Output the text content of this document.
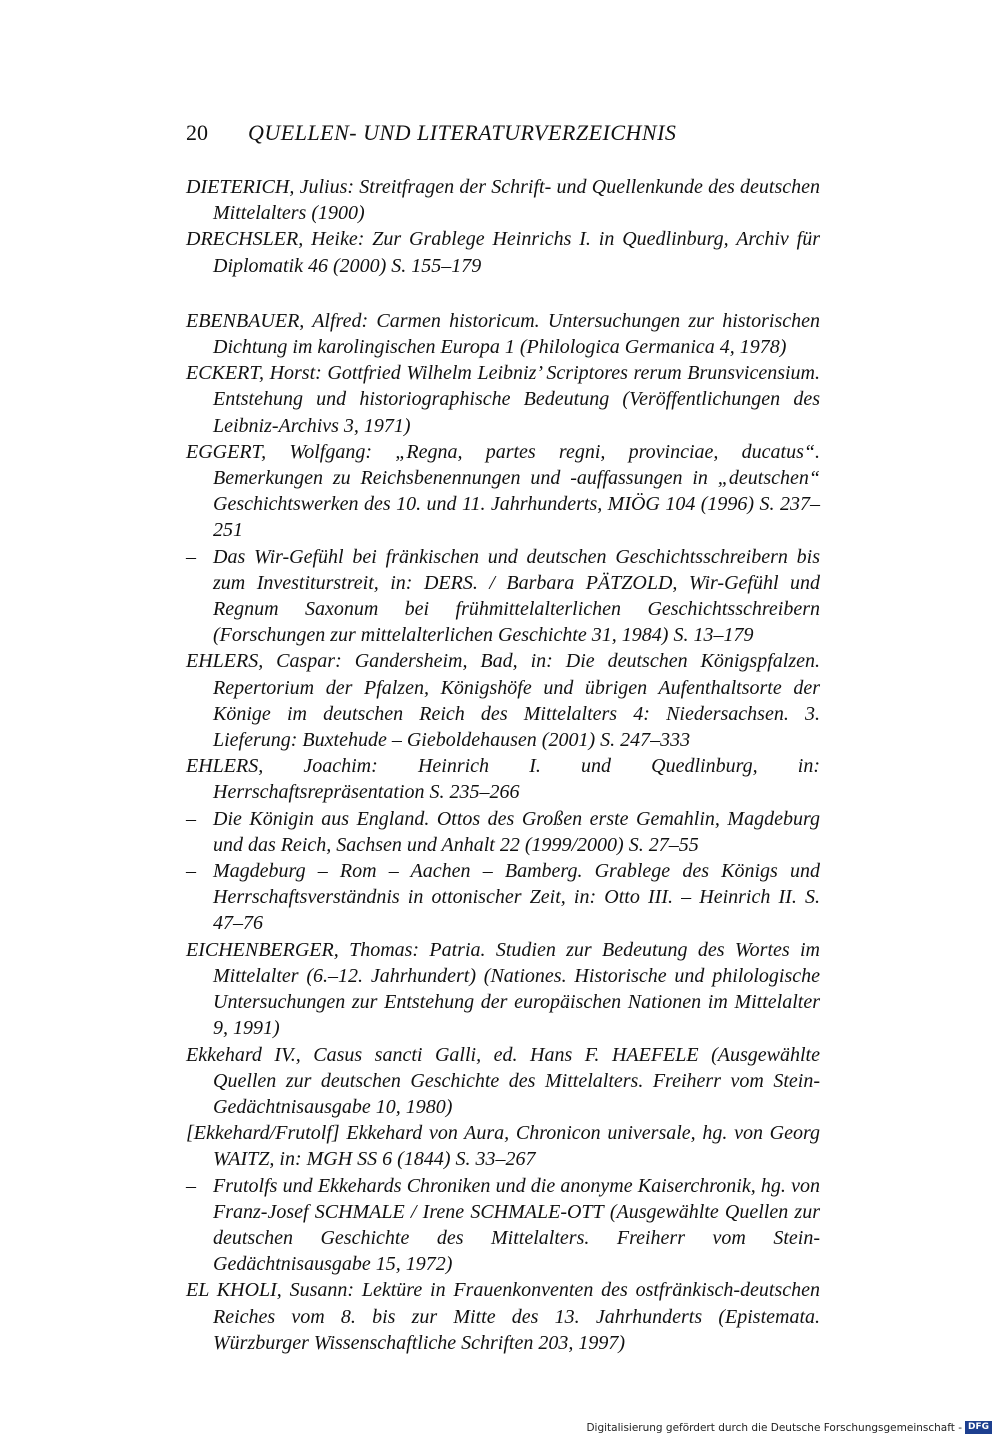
20 QUELLEN- UND LITERATURVERZEICHNIS

DIETERICH, Julius: Streitfragen der Schrift- und Quellenkunde des deutschen Mittelalters (1900)

DRECHSLER, Heike: Zur Grablege Heinrichs I. in Quedlinburg, Archiv für Diplomatik 46 (2000) S. 155–179

EBENBAUER, Alfred: Carmen historicum. Untersuchungen zur historischen Dichtung im karolingischen Europa 1 (Philologica Germanica 4, 1978)

ECKERT, Horst: Gottfried Wilhelm Leibniz’ Scriptores rerum Brunsvicensium. Entstehung und historiographische Bedeutung (Veröffentlichungen des Leibniz-Archivs 3, 1971)

EGGERT, Wolfgang: „Regna, partes regni, provinciae, ducatus“. Bemerkungen zu Reichsbenennungen und -auffassungen in „deutschen“ Geschichtswerken des 10. und 11. Jahrhunderts, MIÖG 104 (1996) S. 237–251

– Das Wir-Gefühl bei fränkischen und deutschen Geschichtsschreibern bis zum Investiturstreit, in: DERS. / Barbara PÄTZOLD, Wir-Gefühl und Regnum Saxonum bei frühmittelalterlichen Geschichtsschreibern (Forschungen zur mittelalterlichen Geschichte 31, 1984) S. 13–179

EHLERS, Caspar: Gandersheim, Bad, in: Die deutschen Königspfalzen. Repertorium der Pfalzen, Königshöfe und übrigen Aufenthaltsorte der Könige im deutschen Reich des Mittelalters 4: Niedersachsen. 3. Lieferung: Buxtehude – Gieboldehausen (2001) S. 247–333

EHLERS, Joachim: Heinrich I. und Quedlinburg, in: Herrschaftsrepräsentation S. 235–266

– Die Königin aus England. Ottos des Großen erste Gemahlin, Magdeburg und das Reich, Sachsen und Anhalt 22 (1999/2000) S. 27–55

– Magdeburg – Rom – Aachen – Bamberg. Grablege des Königs und Herrschaftsverständnis in ottonischer Zeit, in: Otto III. – Heinrich II. S. 47–76

EICHENBERGER, Thomas: Patria. Studien zur Bedeutung des Wortes im Mittelalter (6.–12. Jahrhundert) (Nationes. Historische und philologische Untersuchungen zur Entstehung der europäischen Nationen im Mittelalter 9, 1991)

Ekkehard IV., Casus sancti Galli, ed. Hans F. HAEFELE (Ausgewählte Quellen zur deutschen Geschichte des Mittelalters. Freiherr vom Stein-Gedächtnisausgabe 10, 1980)

[Ekkehard/Frutolf] Ekkehard von Aura, Chronicon universale, hg. von Georg WAITZ, in: MGH SS 6 (1844) S. 33–267

– Frutolfs und Ekkehards Chroniken und die anonyme Kaiserchronik, hg. von Franz-Josef SCHMALE / Irene SCHMALE-OTT (Ausgewählte Quellen zur deutschen Geschichte des Mittelalters. Freiherr vom Stein-Gedächtnisausgabe 15, 1972)

EL KHOLI, Susann: Lektüre in Frauenkonventen des ostfränkisch-deutschen Reiches vom 8. bis zur Mitte des 13. Jahrhunderts (Epistemata. Würzburger Wissenschaftliche Schriften 203, 1997)

Digitalisierung gefördert durch die Deutsche Forschungsgemeinschaft - DFG
